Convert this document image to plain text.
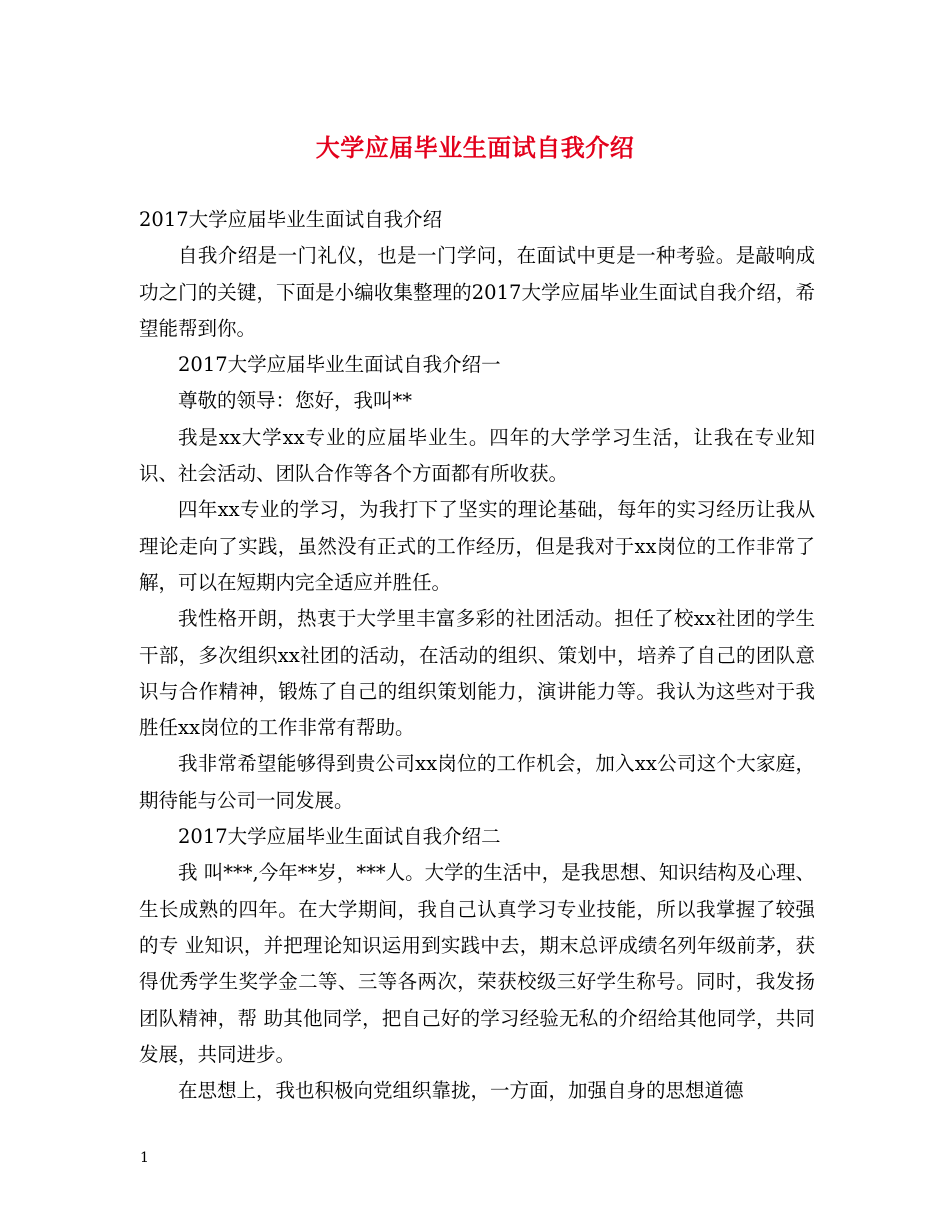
大学应届毕业生面试自我介绍

2017大学应届毕业生面试自我介绍

自我介绍是一门礼仪，也是一门学问，在面试中更是一种考验。是敲响成功之门的关键，下面是小编收集整理的2017大学应届毕业生面试自我介绍，希望能帮到你。

2017大学应届毕业生面试自我介绍一

尊敬的领导：您好，我叫**

我是xx大学xx专业的应届毕业生。四年的大学学习生活，让我在专业知识、社会活动、团队合作等各个方面都有所收获。

四年xx专业的学习，为我打下了坚实的理论基础，每年的实习经历让我从理论走向了实践，虽然没有正式的工作经历，但是我对于xx岗位的工作非常了解，可以在短期内完全适应并胜任。

我性格开朗，热衷于大学里丰富多彩的社团活动。担任了校xx社团的学生干部，多次组织xx社团的活动，在活动的组织、策划中，培养了自己的团队意识与合作精神，锻炼了自己的组织策划能力，演讲能力等。我认为这些对于我胜任xx岗位的工作非常有帮助。

我非常希望能够得到贵公司xx岗位的工作机会，加入xx公司这个大家庭，期待能与公司一同发展。

2017大学应届毕业生面试自我介绍二

我 叫***,今年**岁，***人。大学的生活中，是我思想、知识结构及心理、生长成熟的四年。在大学期间，我自己认真学习专业技能，所以我掌握了较强的专 业知识，并把理论知识运用到实践中去，期末总评成绩名列年级前茅，获得优秀学生奖学金二等、三等各两次，荣获校级三好学生称号。同时，我发扬团队精神，帮 助其他同学，把自己好的学习经验无私的介绍给其他同学，共同发展，共同进步。

在思想上，我也积极向党组织靠拢，一方面，加强自身的思想道德

1
